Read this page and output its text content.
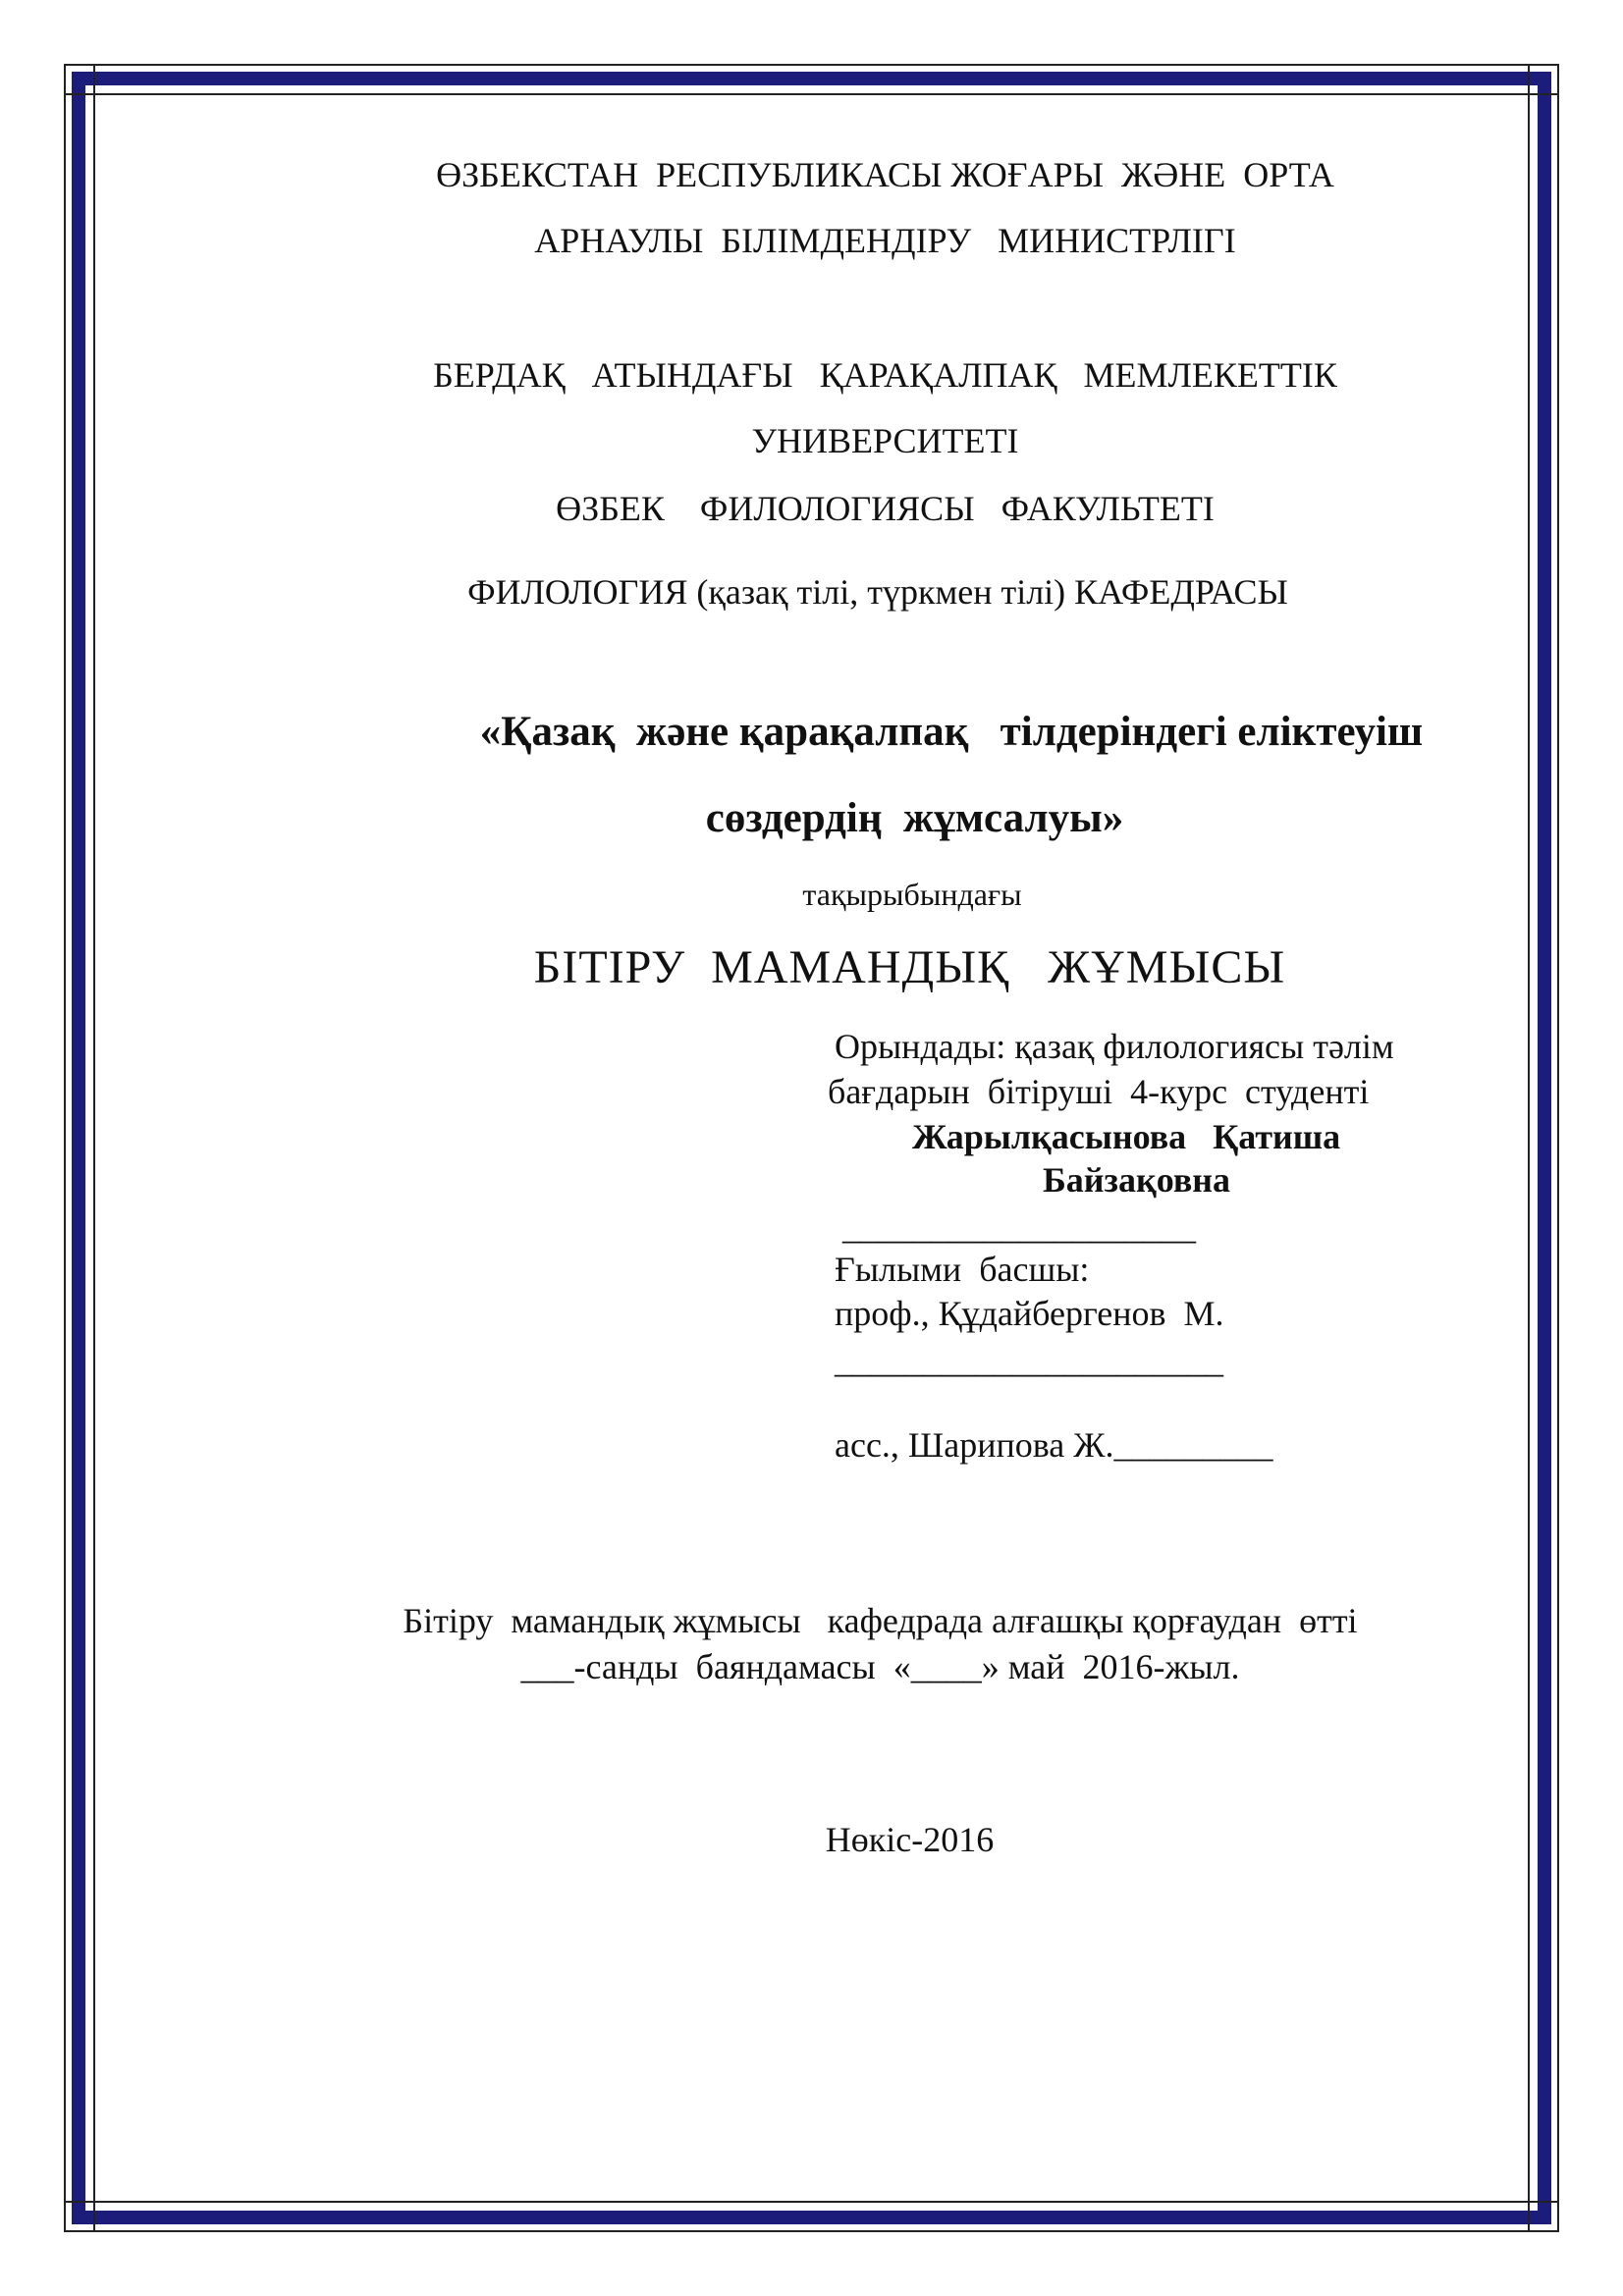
ӨЗБЕКСТАН  РЕСПУБЛИКАСЫ ЖОҒАРЫ  ЖӘНЕ  ОРТА
АРНАУЛЫ  БІЛІМДЕНДІРУ   МИНИСТРЛІГІ
БЕРДАҚ   АТЫНДАҒЫ   ҚАРАҚАЛПАҚ   МЕМЛЕКЕТТІК
УНИВЕРСИТЕТІ
ӨЗБЕК    ФИЛОЛОГИЯСЫ   ФАКУЛЬТЕТІ
ФИЛОЛОГИЯ (қазақ тілі, түркмен тілі) КАФЕДРАСЫ
«Қазақ  және қарақалпақ   тілдеріндегі еліктеуіш
сөздердің  жұмсалуы»
тақырыбындағы
БІТІРУ  МАМАНДЫҚ   ЖҰМЫСЫ
Орындады: қазақ филологиясы тәлім
бағдарын  бітіруші  4-курс  студенті
Жарылқасынова   Қатиша
Байзақовна
____________________
Ғылыми  басшы:
проф., Құдайбергенов  М.
______________________
асс., Шарипова Ж._________
Бітіру  мамандық жұмысы   кафедрада алғашқы қорғаудан  өтті
___-санды  баяндамасы  «____» май  2016-жыл.
Нөкіс-2016
